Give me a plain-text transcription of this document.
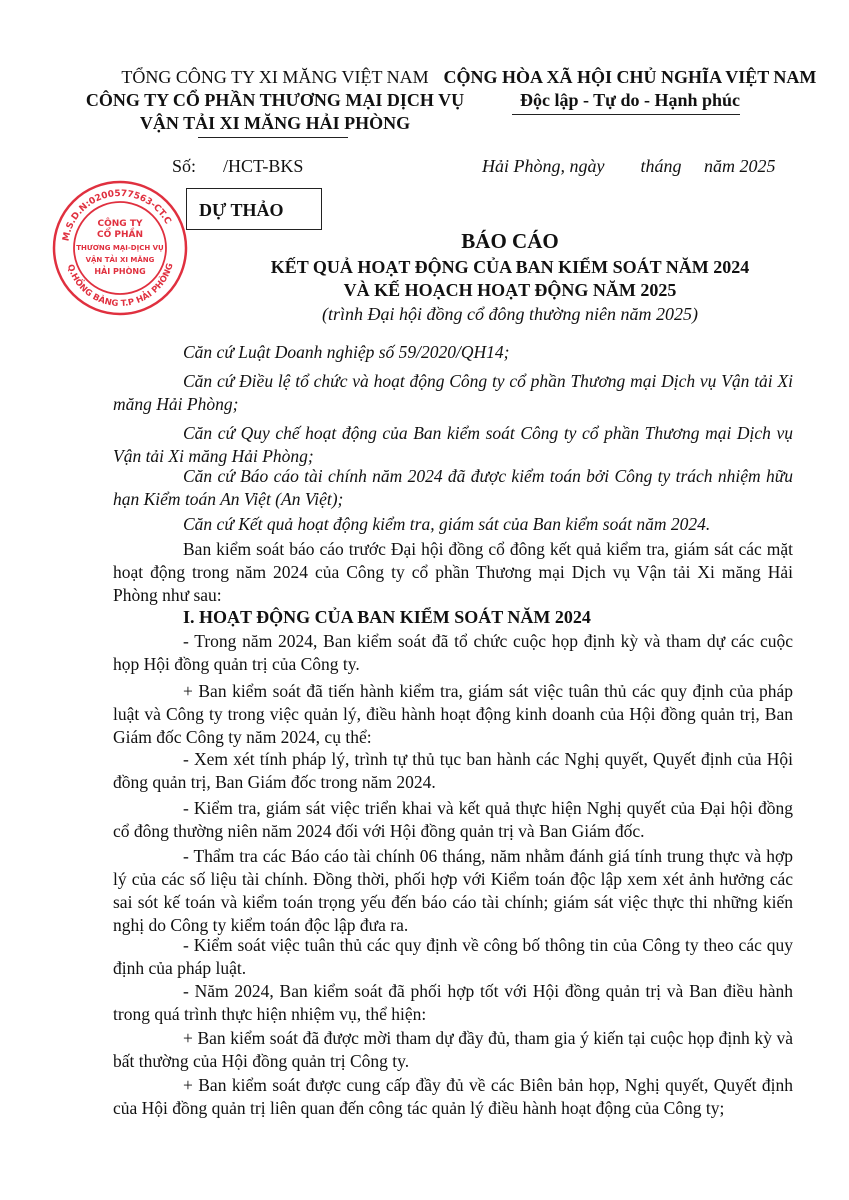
TỔNG CÔNG TY XI MĂNG VIỆT NAM
CÔNG TY CỔ PHẦN THƯƠNG MẠI DỊCH VỤ
VẬN TẢI XI MĂNG HẢI PHÒNG
CỘNG HÒA XÃ HỘI CHỦ NGHĨA VIỆT NAM
Độc lập - Tự do - Hạnh phúc
Số:      /HCT-BKS	Hải Phòng, ngày        tháng     năm 2025
DỰ THẢO
M.S.D.N:0200577563-CT.C
Q.HỒNG BÀNG T.P HẢI PHÒNG
CÔNG TY
CỔ PHẦN
THƯƠNG MẠI-DỊCH VỤ
VẬN TẢI XI MĂNG
HẢI PHÒNG
BÁO CÁO
KẾT QUẢ HOẠT ĐỘNG CỦA BAN KIỂM SOÁT NĂM 2024
VÀ KẾ HOẠCH HOẠT ĐỘNG NĂM 2025
(trình Đại hội đồng cổ đông thường niên năm 2025)
Căn cứ Luật Doanh nghiệp số 59/2020/QH14;
Căn cứ Điều lệ tổ chức và hoạt động Công ty cổ phần Thương mại Dịch vụ Vận tải Xi măng Hải Phòng;
Căn cứ Quy chế hoạt động của Ban kiểm soát Công ty cổ phần Thương mại Dịch vụ Vận tải Xi măng Hải Phòng;
Căn cứ Báo cáo tài chính năm 2024 đã được kiểm toán bởi Công ty trách nhiệm hữu hạn Kiểm toán An Việt (An Việt);
Căn cứ Kết quả hoạt động kiểm tra, giám sát của Ban kiểm soát năm 2024.
Ban kiểm soát báo cáo trước Đại hội đồng cổ đông kết quả kiểm tra, giám sát các mặt hoạt động trong năm 2024 của Công ty cổ phần Thương mại Dịch vụ Vận tải Xi măng Hải Phòng như sau:
I. HOẠT ĐỘNG CỦA BAN KIỂM SOÁT NĂM 2024
- Trong năm 2024, Ban kiểm soát đã tổ chức cuộc họp định kỳ và tham dự các cuộc họp Hội đồng quản trị của Công ty.
+ Ban kiểm soát đã tiến hành kiểm tra, giám sát việc tuân thủ các quy định của pháp luật và Công ty trong việc quản lý, điều hành hoạt động kinh doanh của Hội đồng quản trị, Ban Giám đốc Công ty năm 2024, cụ thể:
- Xem xét tính pháp lý, trình tự thủ tục ban hành các Nghị quyết, Quyết định của Hội đồng quản trị, Ban Giám đốc trong năm 2024.
- Kiểm tra, giám sát việc triển khai và kết quả thực hiện Nghị quyết của Đại hội đồng cổ đông thường niên năm 2024 đối với Hội đồng quản trị và Ban Giám đốc.
- Thẩm tra các Báo cáo tài chính 06 tháng, năm nhằm đánh giá tính trung thực và hợp lý của các số liệu tài chính. Đồng thời, phối hợp với Kiểm toán độc lập xem xét ảnh hưởng các sai sót kế toán và kiểm toán trọng yếu đến báo cáo tài chính; giám sát việc thực thi những kiến nghị do Công ty kiểm toán độc lập đưa ra.
- Kiểm soát việc tuân thủ các quy định về công bố thông tin của Công ty theo các quy định của pháp luật.
- Năm 2024, Ban kiểm soát đã phối hợp tốt với Hội đồng quản trị và Ban điều hành trong quá trình thực hiện nhiệm vụ, thể hiện:
+ Ban kiểm soát đã được mời tham dự đầy đủ, tham gia ý kiến tại cuộc họp định kỳ và bất thường của Hội đồng quản trị Công ty.
+ Ban kiểm soát được cung cấp đầy đủ về các Biên bản họp, Nghị quyết, Quyết định của Hội đồng quản trị liên quan đến công tác quản lý điều hành hoạt động của Công ty;
